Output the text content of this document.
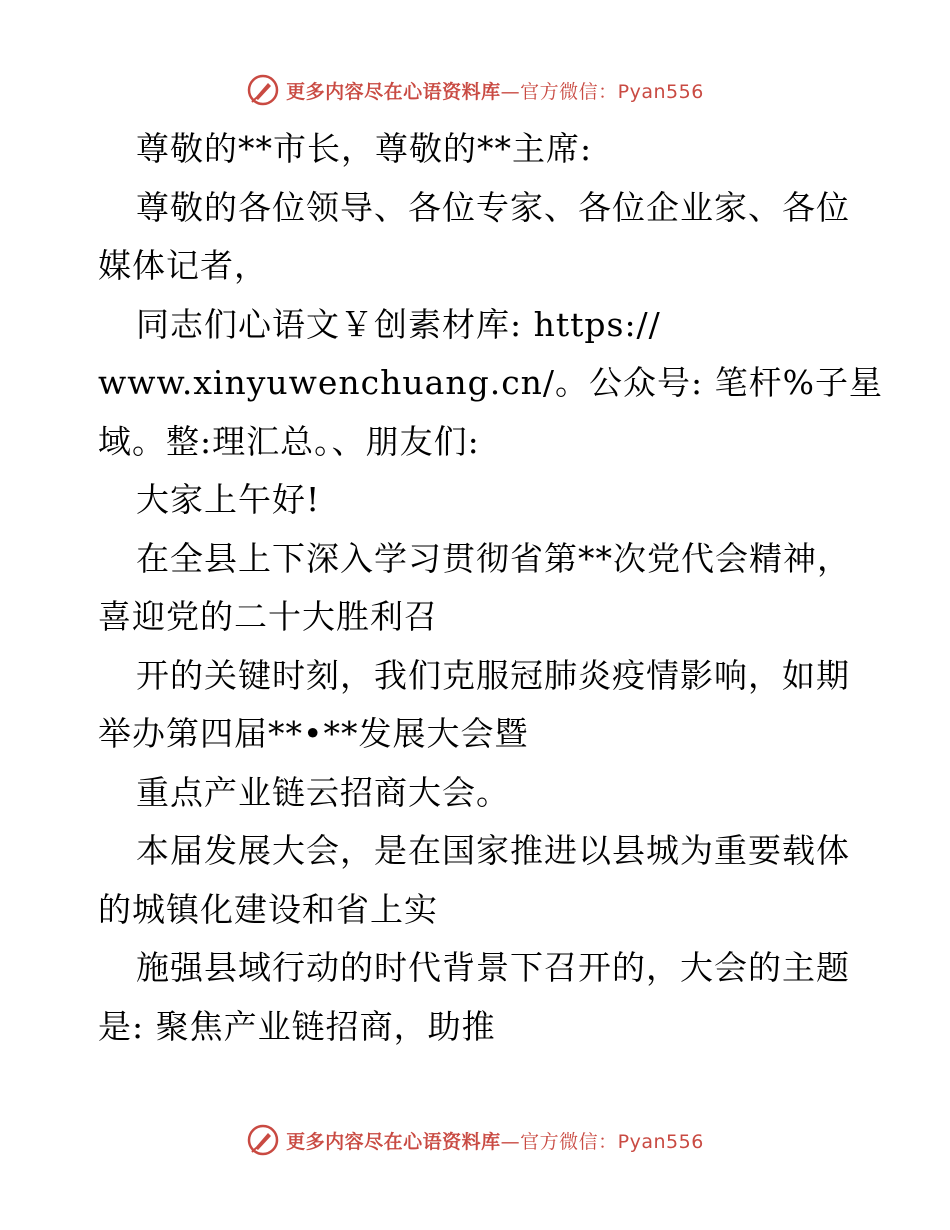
更多内容尽在心语资料库—官方微信：Pyan556
尊敬的**市长，尊敬的**主席:
尊敬的各位领导、各位专家、各位企业家、各位
媒体记者，
同志们心语文￥创素材库: https://
www.xinyuwenchuang.cn/。公众号: 笔杆%子星
域。整:理汇总。、朋友们:
大家上午好!
在全县上下深入学习贯彻省第**次党代会精神，
喜迎党的二十大胜利召
开的关键时刻，我们克服冠肺炎疫情影响，如期
举办第四届**•**发展大会暨
重点产业链云招商大会。
本届发展大会，是在国家推进以县城为重要载体
的城镇化建设和省上实
施强县域行动的时代背景下召开的，大会的主题
是: 聚焦产业链招商，助推
更多内容尽在心语资料库—官方微信：Pyan556
